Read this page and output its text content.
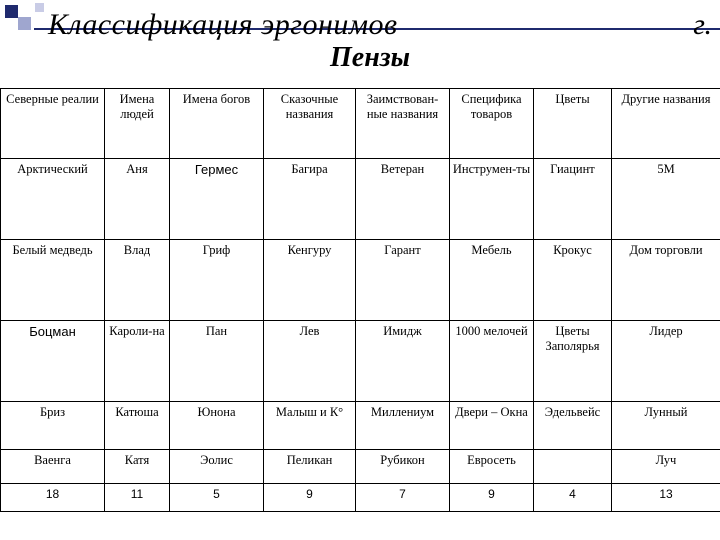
Классификация эргонимов	г.
Пензы
Северные реалии	Имена людей	Имена богов	Сказочные названия	Заимствован-ные названия	Специфика товаров	Цветы	Другие названия
Арктический	Аня	Гермес	Багира	Ветеран	Инструмен-ты	Гиацинт	5М
Белый медведь	Влад	Гриф	Кенгуру	Гарант	Мебель	Крокус	Дом торговли
Боцман	Кароли-на	Пан	Лев	Имидж	1000 мелочей	Цветы Заполярья	Лидер
Бриз	Катюша	Юнона	Малыш и К°	Миллениум	Двери – Окна	Эдельвейс	Лунный
Ваенга	Катя	Эолис	Пеликан	Рубикон	Евросеть		Луч
18	11	5	9	7	9	4	13
